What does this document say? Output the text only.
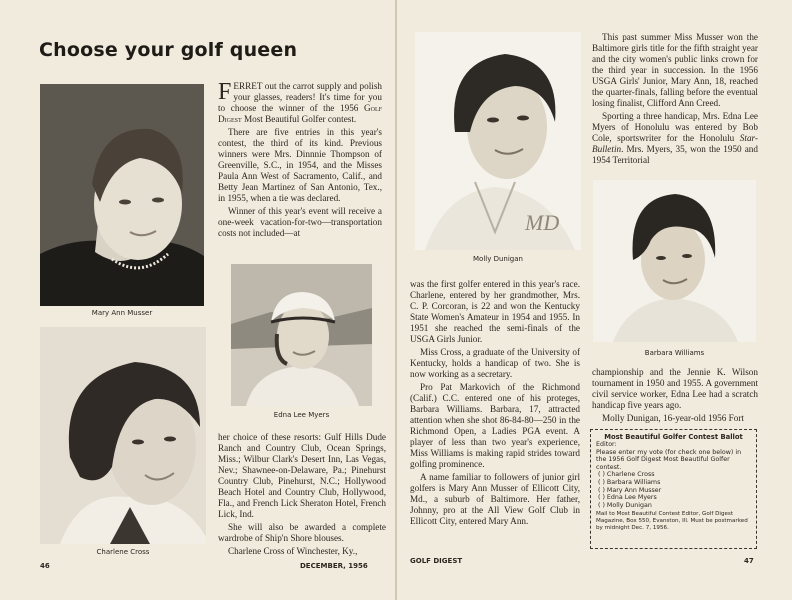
Choose your golf queen
Mary Ann Musser
Charlene Cross
Edna Lee Myers

FERRET out the carrot supply and polish your glasses, readers! It's time for you to choose the winner of the 1956 Golf Digest Most Beautiful Golfer contest.

There are five entries in this year's contest, the third of its kind. Previous winners were Mrs. Dinnnie Thompson of Greenville, S.C., in 1954, and the Misses Paula Ann West of Sacramento, Calif., and Betty Jean Martinez of San Antonio, Tex., in 1955, when a tie was declared.

Winner of this year's event will receive a one-week vacation-for-two—transportation costs not included—at

her choice of these resorts: Gulf Hills Dude Ranch and Country Club, Ocean Springs, Miss.; Wilbur Clark's Desert Inn, Las Vegas, Nev.; Shawnee-on-Delaware, Pa.; Pinehurst Country Club, Pinehurst, N.C.; Hollywood Beach Hotel and Country Club, Hollywood, Fla., and French Lick Sheraton Hotel, French Lick, Ind.

She will also be awarded a complete wardrobe of Ship'n Shore blouses.

Charlene Cross of Winchester, Ky.,

MD
Molly Dunigan

was the first golfer entered in this year's race. Charlene, entered by her grandmother, Mrs. C. P. Corcoran, is 22 and won the Kentucky State Women's Amateur in 1954 and 1955. In 1951 she reached the semi-finals of the USGA Girls Junior.

Miss Cross, a graduate of the University of Kentucky, holds a handicap of two. She is now working as a secretary.

Pro Pat Markovich of the Richmond (Calif.) C.C. entered one of his proteges, Barbara Williams. Barbara, 17, attracted attention when she shot 86-84-80—250 in the Richmond Open, a Ladies PGA event. A player of less than two year's experience, Miss Williams is making rapid strides toward golfing prominence.

A name familiar to followers of junior girl golfers is Mary Ann Musser of Ellicott City, Md., a suburb of Baltimore. Her father, Johnny, pro at the All View Golf Club in Ellicott City, entered Mary Ann.

This past summer Miss Musser won the Baltimore girls title for the fifth straight year and the city women's public links crown for the third year in succession. In the 1956 USGA Girls' Junior, Mary Ann, 18, reached the quarter-finals, falling before the eventual losing finalist, Clifford Ann Creed.

Sporting a three handicap, Mrs. Edna Lee Myers of Honolulu was entered by Bob Cole, sportswriter for the Honolulu Star-Bulletin. Mrs. Myers, 35, won the 1950 and 1954 Territorial

Barbara Williams

championship and the Jennie K. Wilson tournament in 1950 and 1955. A government civil service worker, Edna Lee had a scratch handicap five years ago.

Molly Dunigan, 16-year-old 1956 Fort

Most Beautiful Golfer Contest Ballot
Editor:
Please enter my vote (for check one below) in the 1956 Golf Digest Most Beautiful Golfer contest.
( ) Charlene Cross
( ) Barbara Williams
( ) Mary Ann Musser
( ) Edna Lee Myers
( ) Molly Dunigan
Mail to Most Beautiful Contest Editor, Golf Digest Magazine, Box 550, Evanston, Ill. Must be postmarked by midnight Dec. 7, 1956.
46	DECEMBER, 1956
GOLF DIGEST	47
